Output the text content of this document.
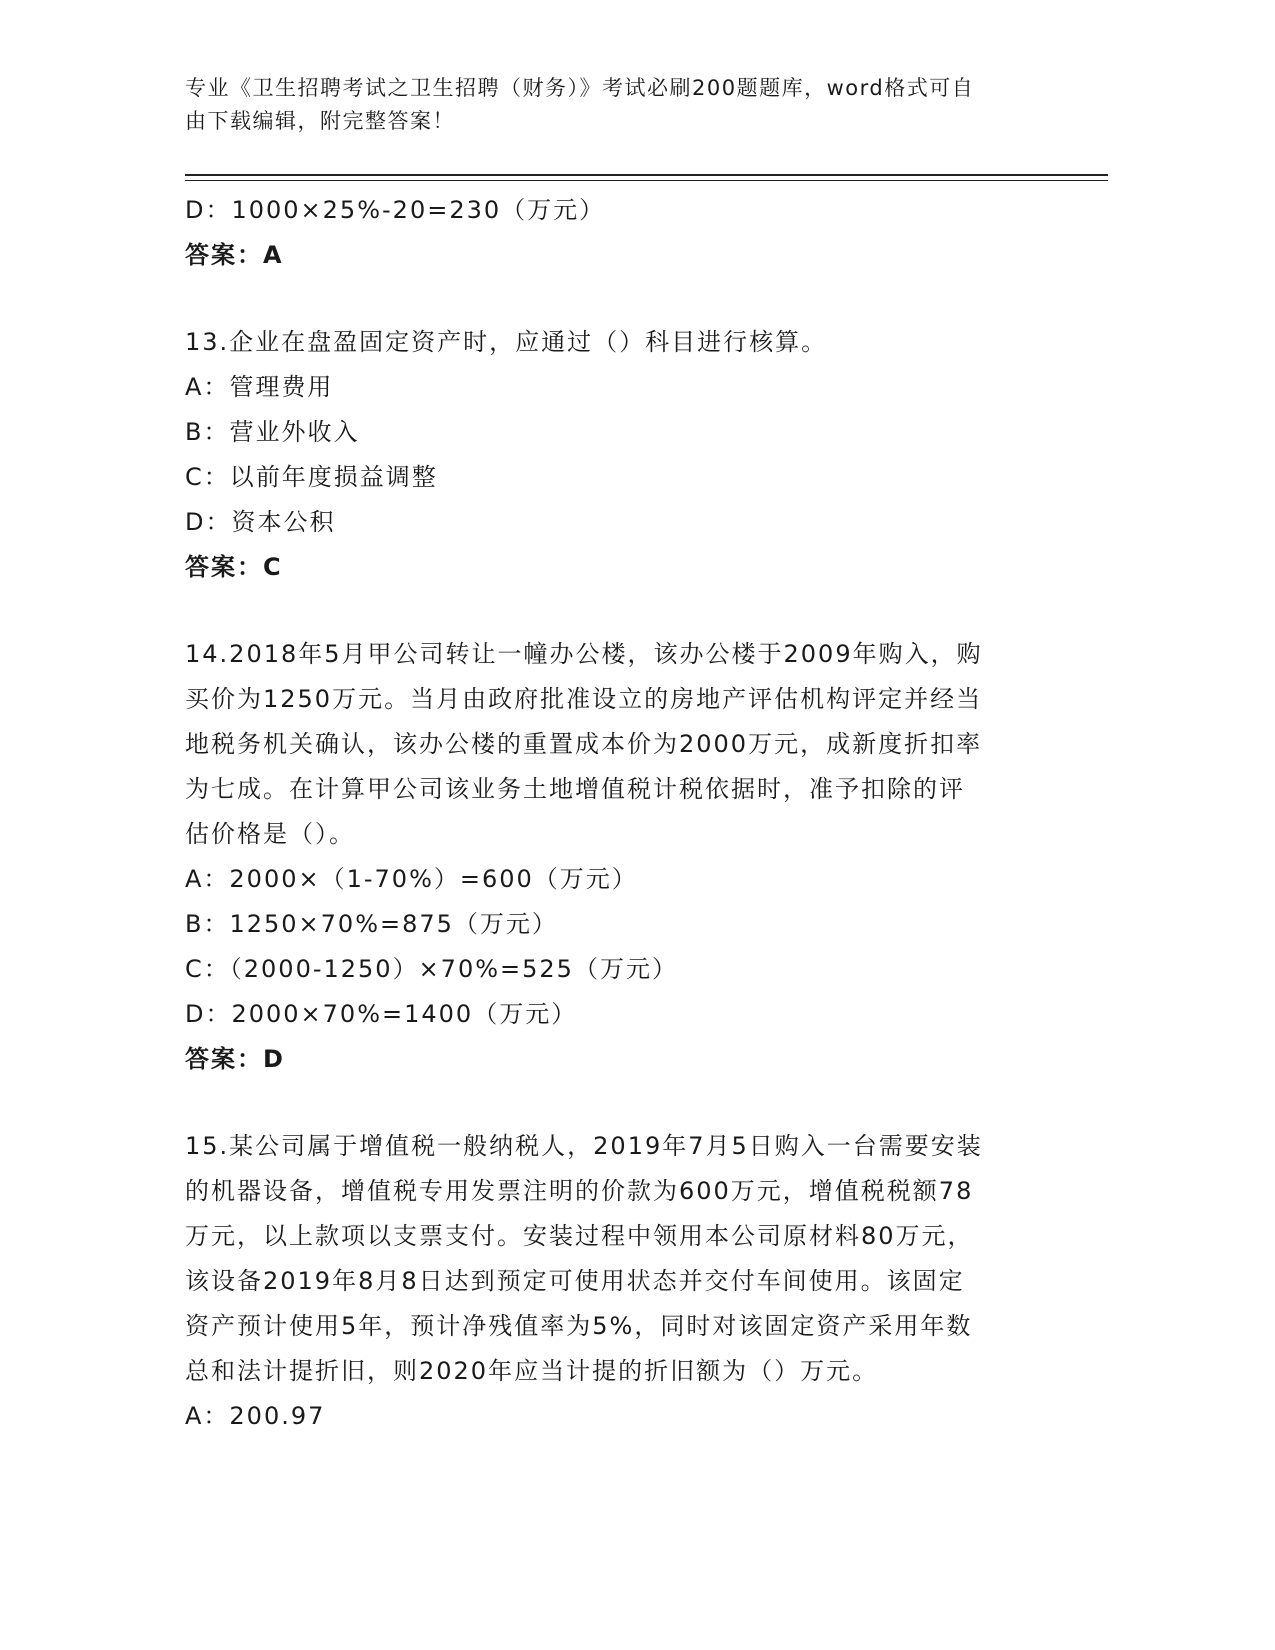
专业《卫生招聘考试之卫生招聘（财务）》考试必刷200题题库，word格式可自
由下载编辑，附完整答案！
D：1000×25%-20=230（万元）
答案：A
13.企业在盘盈固定资产时，应通过（）科目进行核算。
A：管理费用
B：营业外收入
C：以前年度损益调整
D：资本公积
答案：C
14.2018年5月甲公司转让一幢办公楼，该办公楼于2009年购入，购
买价为1250万元。当月由政府批准设立的房地产评估机构评定并经当
地税务机关确认，该办公楼的重置成本价为2000万元，成新度折扣率
为七成。在计算甲公司该业务土地增值税计税依据时，准予扣除的评
估价格是（）。
A：2000×（1-70%）=600（万元）
B：1250×70%=875（万元）
C：（2000-1250）×70%=525（万元）
D：2000×70%=1400（万元）
答案：D
15.某公司属于增值税一般纳税人，2019年7月5日购入一台需要安装
的机器设备，增值税专用发票注明的价款为600万元，增值税税额78
万元，以上款项以支票支付。安装过程中领用本公司原材料80万元，
该设备2019年8月8日达到预定可使用状态并交付车间使用。该固定
资产预计使用5年，预计净残值率为5%，同时对该固定资产采用年数
总和法计提折旧，则2020年应当计提的折旧额为（）万元。
A：200.97
